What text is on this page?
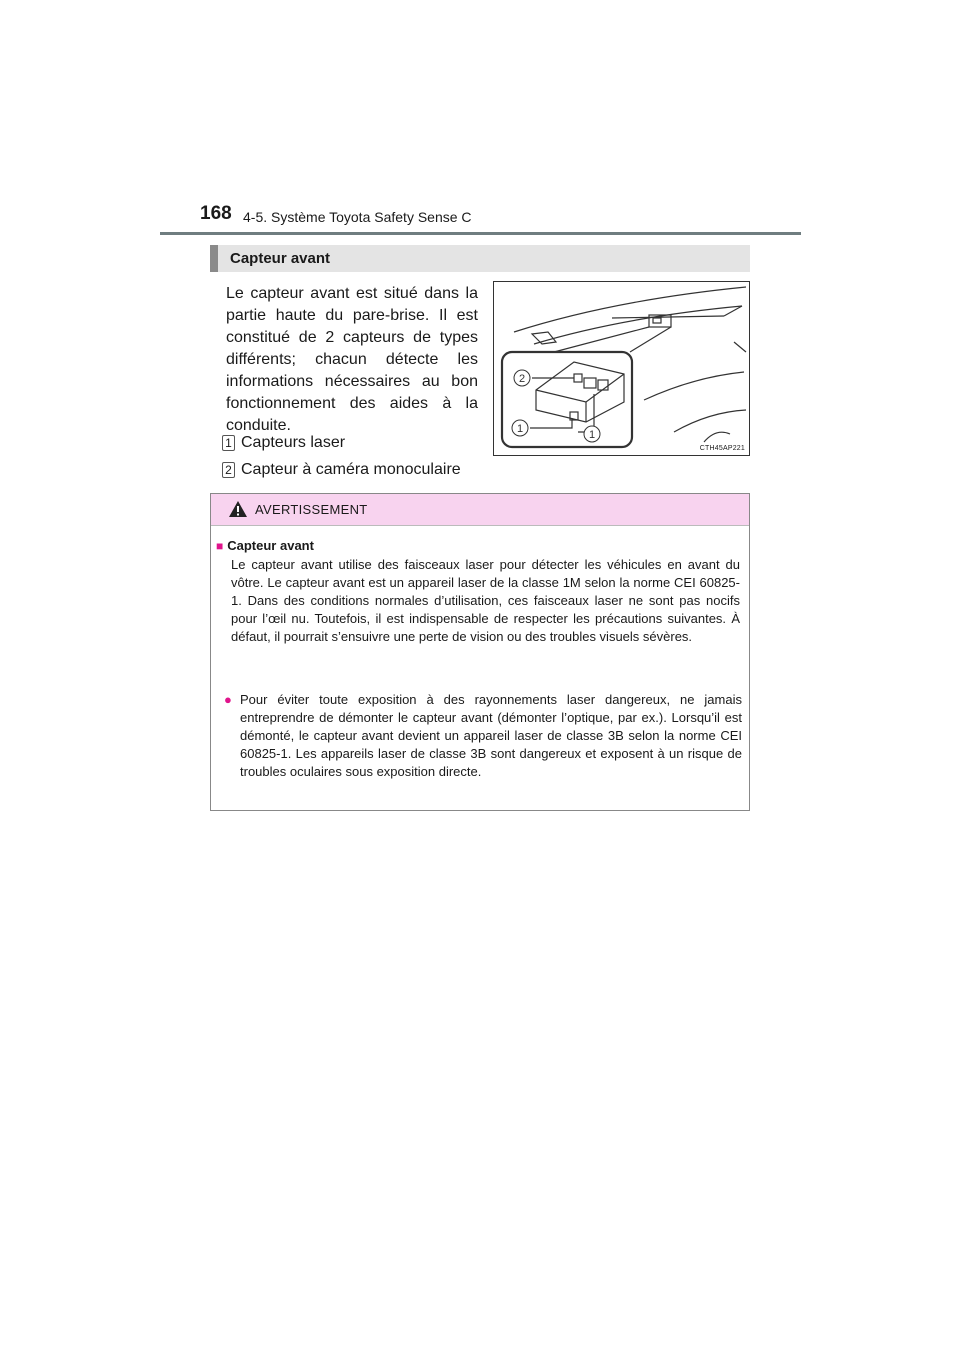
168 4-5. Système Toyota Safety Sense C
Capteur avant

Le capteur avant est situé dans la partie haute du pare-brise. Il est constitué de 2 capteurs de types différents; chacun détecte les informations nécessaires au bon fonctionnement des aides à la conduite.

1 Capteurs laser
2 Capteur à caméra monoculaire
2
1	1
CTH45AP221
AVERTISSEMENT
■ Capteur avant

Le capteur avant utilise des faisceaux laser pour détecter les véhicules en avant du vôtre. Le capteur avant est un appareil laser de la classe 1M selon la norme CEI 60825-1. Dans des conditions normales d’utilisation, ces faisceaux laser ne sont pas nocifs pour l’œil nu. Toutefois, il est indispensable de respecter les précautions suivantes. À défaut, il pourrait s’ensuivre une perte de vision ou des troubles visuels sévères.

● Pour éviter toute exposition à des rayonnements laser dangereux, ne jamais entreprendre de démonter le capteur avant (démonter l’optique, par ex.). Lorsqu’il est démonté, le capteur avant devient un appareil laser de classe 3B selon la norme CEI 60825-1. Les appareils laser de classe 3B sont dangereux et exposent à un risque de troubles oculaires sous exposition directe.
